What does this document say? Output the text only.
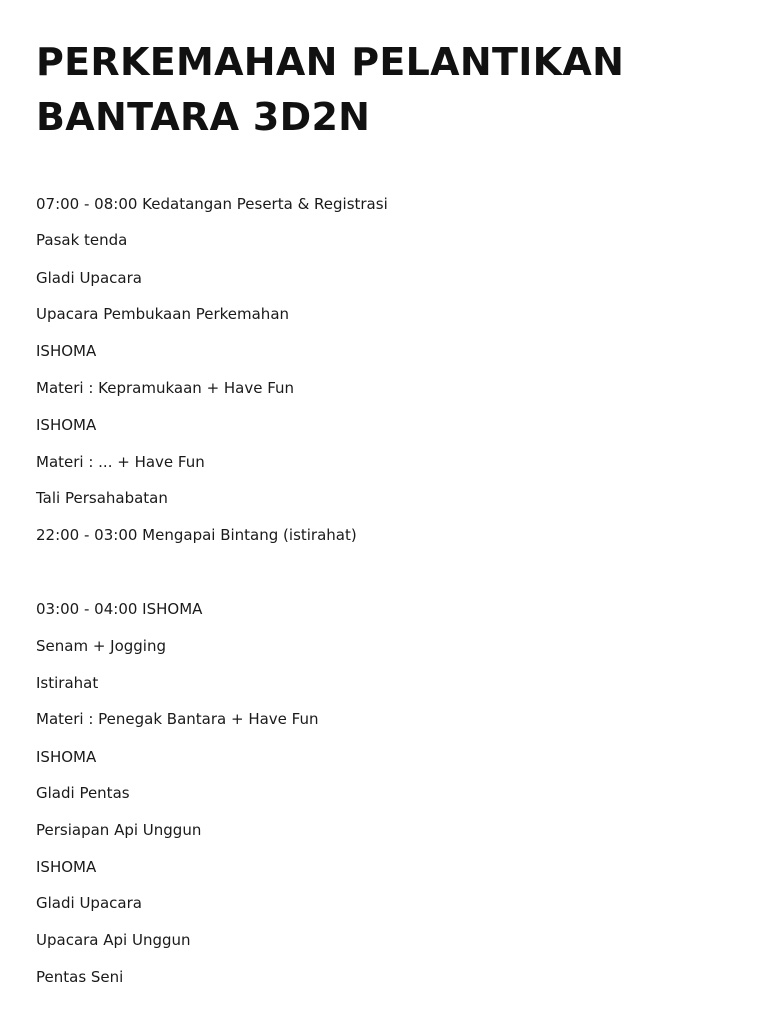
PERKEMAHAN PELANTIKAN
BANTARA 3D2N
07:00 - 08:00 Kedatangan Peserta & Registrasi
Pasak tenda
Gladi Upacara
Upacara Pembukaan Perkemahan
ISHOMA
Materi : Kepramukaan + Have Fun
ISHOMA
Materi : ... + Have Fun
Tali Persahabatan
22:00 - 03:00 Mengapai Bintang (istirahat)
03:00 - 04:00 ISHOMA
Senam + Jogging
Istirahat
Materi : Penegak Bantara + Have Fun
ISHOMA
Gladi Pentas
Persiapan Api Unggun
ISHOMA
Gladi Upacara
Upacara Api Unggun
Pentas Seni
